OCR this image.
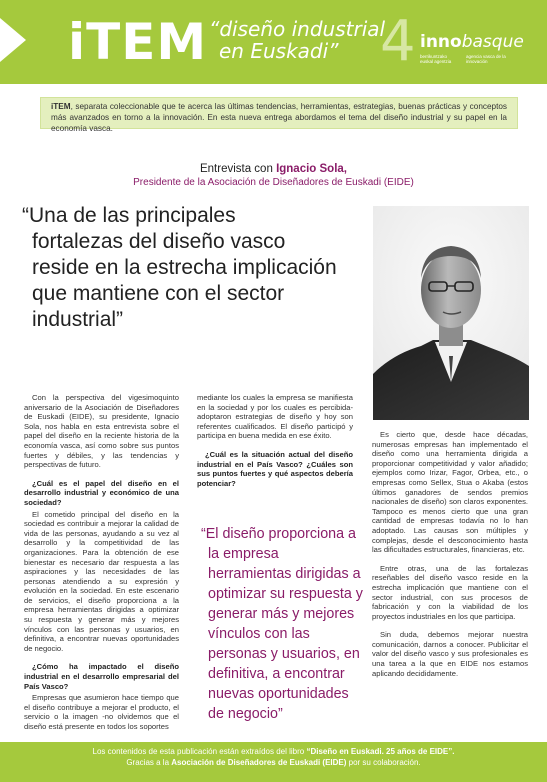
iTEM “diseño industrial
en Euskadi” 4 innobasque
berrikuntzako euskal agentzia
agencia vasca de la innovación
iTEM, separata coleccionable que te acerca las últimas tendencias, herramientas, estrategias, buenas prácticas y conceptos más avanzados en torno a la innovación. En esta nueva entrega abordamos el tema del diseño industrial y su papel en la economía vasca.
Entrevista con Ignacio Sola,
Presidente de la Asociación de Diseñadores de Euskadi (EIDE)
“Una de las principales
fortalezas del diseño vasco
reside en la estrecha implicación
que mantiene con el sector
industrial”

Con la perspectiva del vigesimoquinto aniversario de la Asociación de Diseñadores de Euskadi (EIDE), su presidente, Ignacio Sola, nos habla en esta entrevista sobre el papel del diseño en la reciente historia de la economía vasca, así como sobre sus puntos fuertes y débiles, y las tendencias y perspectivas de futuro.

¿Cuál es el papel del diseño en el desarrollo industrial y económico de una sociedad?

El cometido principal del diseño en la sociedad es contribuir a mejorar la calidad de vida de las personas, ayudando a su vez al desarrollo y la competitividad de las organizaciones. Para la obtención de ese bienestar es necesario dar respuesta a las aspiraciones y las necesidades de las personas atendiendo a su expresión y evolución en la sociedad. En este escenario de servicios, el diseño proporciona a la empresa herramientas dirigidas a optimizar su respuesta y generar más y mejores vínculos con las personas y usuarios, en definitiva, a encontrar nuevas oportunidades de negocio.

¿Cómo ha impactado el diseño industrial en el desarrollo empresarial del País Vasco?

Empresas que asumieron hace tiempo que el diseño contribuye a mejorar el producto, el servicio o la imagen -no olvidemos que el diseño está presente en todos los soportes

mediante los cuales la empresa se manifiesta en la sociedad y por los cuales es percibida- adoptaron estrategias de diseño y hoy son referentes cualificados. El diseño participó y participa en buena medida en ese éxito.

¿Cuál es la situación actual del diseño industrial en el País Vasco? ¿Cuáles son sus puntos fuertes y qué aspectos debería potenciar?

“El diseño proporciona a
la empresa
herramientas dirigidas a
optimizar su respuesta y
generar más y mejores
vínculos con las
personas y usuarios, en
definitiva, a encontrar
nuevas oportunidades
de negocio”

Es cierto que, desde hace décadas, numerosas empresas han implementado el diseño como una herramienta dirigida a proporcionar competitividad y valor añadido; ejemplos como Irizar, Fagor, Orbea, etc., o empresas como Sellex, Stua o Akaba (estos últimos ganadores de sendos premios nacionales de diseño) son claros exponentes. Tampoco es menos cierto que una gran cantidad de empresas todavía no lo han adoptado. Las causas son múltiples y complejas, desde el desconocimiento hasta las dificultades estructurales, financieras, etc.

Entre otras, una de las fortalezas reseñables del diseño vasco reside en la estrecha implicación que mantiene con el sector industrial, con sus procesos de fabricación y con la viabilidad de los proyectos industriales en los que participa.

Sin duda, debemos mejorar nuestra comunicación, darnos a conocer. Publicitar el valor del diseño vasco y sus profesionales es una tarea a la que en EIDE nos estamos aplicando decididamente.

Los contenidos de esta publicación están extraídos del libro “Diseño en Euskadi. 25 años de EIDE”.
Gracias a la Asociación de Diseñadores de Euskadi (EIDE) por su colaboración.
